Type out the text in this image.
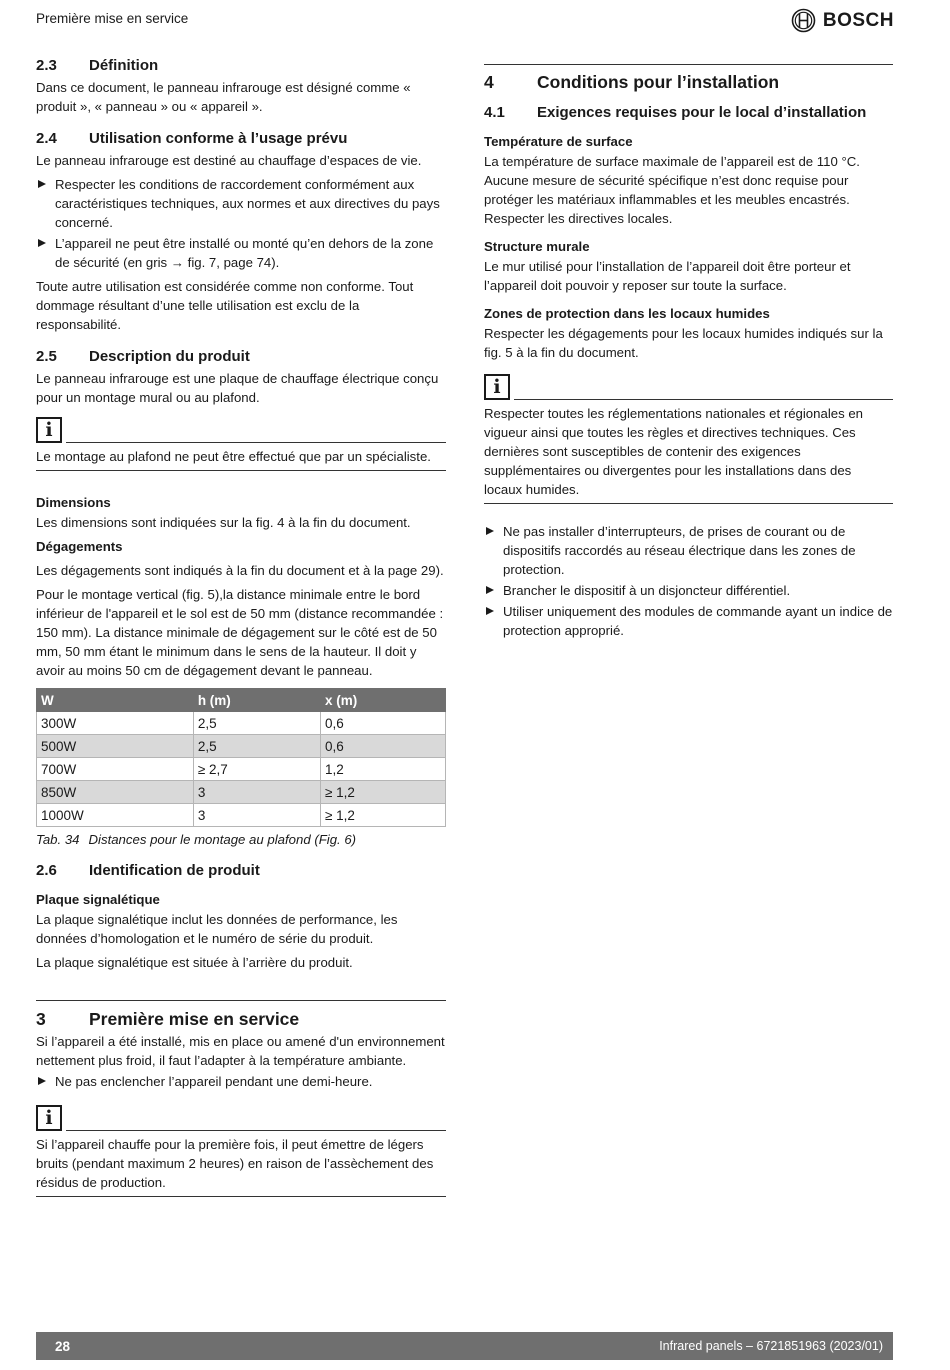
Première mise en service	BOSCH
2.3	Définition

Dans ce document, le panneau infrarouge est désigné comme « produit », « panneau » ou « appareil ».

2.4	Utilisation conforme à l’usage prévu

Le panneau infrarouge est destiné au chauffage d’espaces de vie.

Respecter les conditions de raccordement conformément aux caractéristiques techniques, aux normes et aux directives du pays concerné.
L’appareil ne peut être installé ou monté qu’en dehors de la zone de sécurité (en gris → fig. 7, page 74).

Toute autre utilisation est considérée comme non conforme. Tout dommage résultant d’une telle utilisation est exclu de la responsabilité.

2.5	Description du produit

Le panneau infrarouge est une plaque de chauffage électrique conçu pour un montage mural ou au plafond.

i
Le montage au plafond ne peut être effectué que par un spécialiste.
Dimensions

Les dimensions sont indiquées sur la fig. 4 à la fin du document.

Dégagements

Les dégagements sont indiqués à la fin du document et à la page 29).

Pour le montage vertical (fig. 5),la distance minimale entre le bord inférieur de l'appareil et le sol est de 50 mm (distance recommandée : 150 mm). La distance minimale de dégagement sur le côté est de 50 mm, 50 mm étant le minimum dans le sens de la hauteur. Il doit y avoir au moins 50 cm de dégagement devant le panneau.

W	h (m)	x (m)
300W	2,5	0,6
500W	2,5	0,6
700W	≥ 2,7	1,2
850W	3	≥ 1,2
1000W	3	≥ 1,2
Tab. 34 Distances pour le montage au plafond (Fig. 6)
2.6	Identification de produit
Plaque signalétique

La plaque signalétique inclut les données de performance, les données d’homologation et le numéro de série du produit.

La plaque signalétique est située à l’arrière du produit.

3	Première mise en service

Si l’appareil a été installé, mis en place ou amené d'un environnement nettement plus froid, il faut l’adapter à la température ambiante.

Ne pas enclencher l’appareil pendant une demi-heure.
i
Si l’appareil chauffe pour la première fois, il peut émettre de légers bruits (pendant maximum 2 heures) en raison de l’assèchement des résidus de production.
4	Conditions pour l’installation
4.1	Exigences requises pour le local d’installation
Température de surface

La température de surface maximale de l’appareil est de 110 °C. Aucune mesure de sécurité spécifique n’est donc requise pour protéger les matériaux inflammables et les meubles encastrés. Respecter les directives locales.

Structure murale

Le mur utilisé pour l’installation de l’appareil doit être porteur et l’appareil doit pouvoir y reposer sur toute la surface.

Zones de protection dans les locaux humides

Respecter les dégagements pour les locaux humides indiqués sur la fig. 5 à la fin du document.

i
Respecter toutes les réglementations nationales et régionales en vigueur ainsi que toutes les règles et directives techniques. Ces dernières sont susceptibles de contenir des exigences supplémentaires ou divergentes pour les installations dans des locaux humides.
Ne pas installer d’interrupteurs, de prises de courant ou de dispositifs raccordés au réseau électrique dans les zones de protection.
Brancher le dispositif à un disjoncteur différentiel.
Utiliser uniquement des modules de commande ayant un indice de protection approprié.
28	Infrared panels – 6721851963 (2023/01)
